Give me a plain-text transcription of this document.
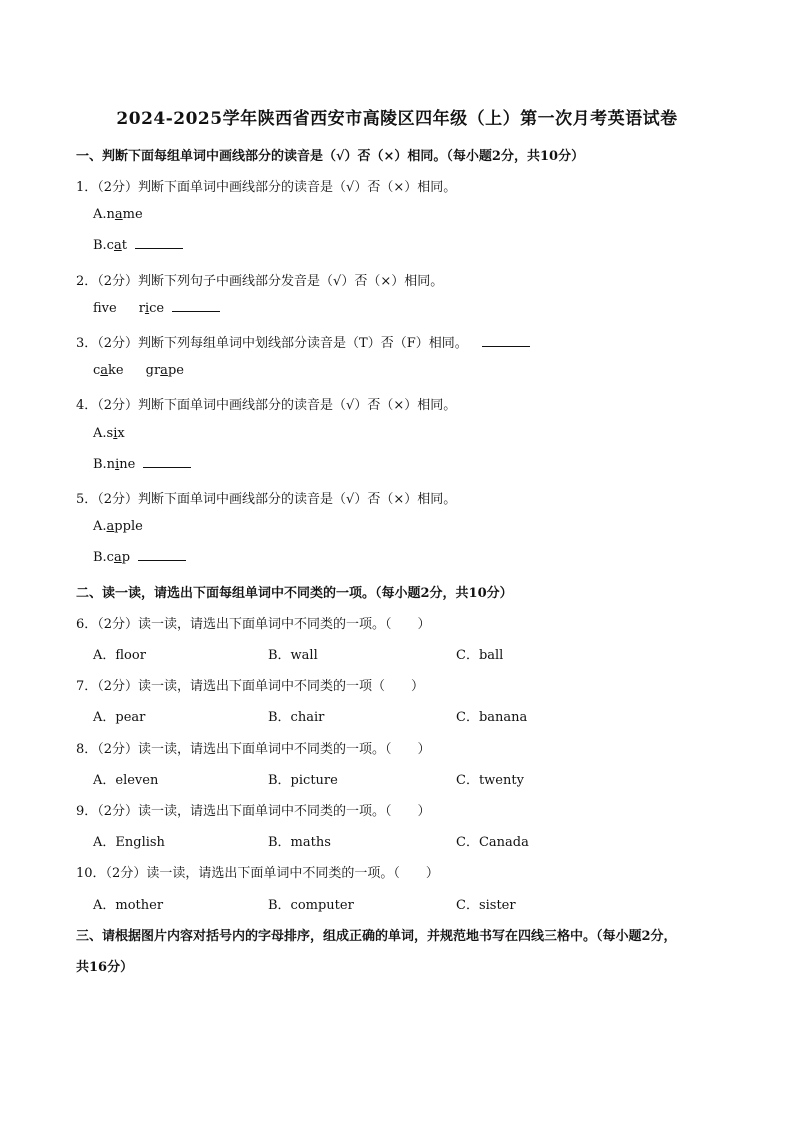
2024-2025学年陕西省西安市高陵区四年级（上）第一次月考英语试卷
一、判断下面每组单词中画线部分的读音是（√）否（×）相同。（每小题2分，共10分）
1．（2分）判断下面单词中画线部分的读音是（√）否（×）相同。
A.name
B.cat
2．（2分）判断下列句子中画线部分发音是（√）否（×）相同。
fve rice
3．（2分）判断下列每组单词中划线部分读音是（T）否（F）相同。
cake grape
4．（2分）判断下面单词中画线部分的读音是（√）否（×）相同。
A.six
B.nine
5．（2分）判断下面单词中画线部分的读音是（√）否（×）相同。
A.apple
B.cap
二、读一读，请选出下面每组单词中不同类的一项。（每小题2分，共10分）
6．（2分）读一读，请选出下面单词中不同类的一项。（　　）
A．floor	B．wall	C．ball
7．（2分）读一读，请选出下面单词中不同类的一项（　　）
A．pear	B．chair	C．banana
8．（2分）读一读，请选出下面单词中不同类的一项。（　　）
A．eleven	B．picture	C．twenty
9．（2分）读一读，请选出下面单词中不同类的一项。（　　）
A．English	B．maths	C．Canada
10．（2分）读一读，请选出下面单词中不同类的一项。（　　）
A．mother	B．computer	C．sister
三、请根据图片内容对括号内的字母排序，组成正确的单词，并规范地书写在四线三格中。（每小题2分，
共16分）
